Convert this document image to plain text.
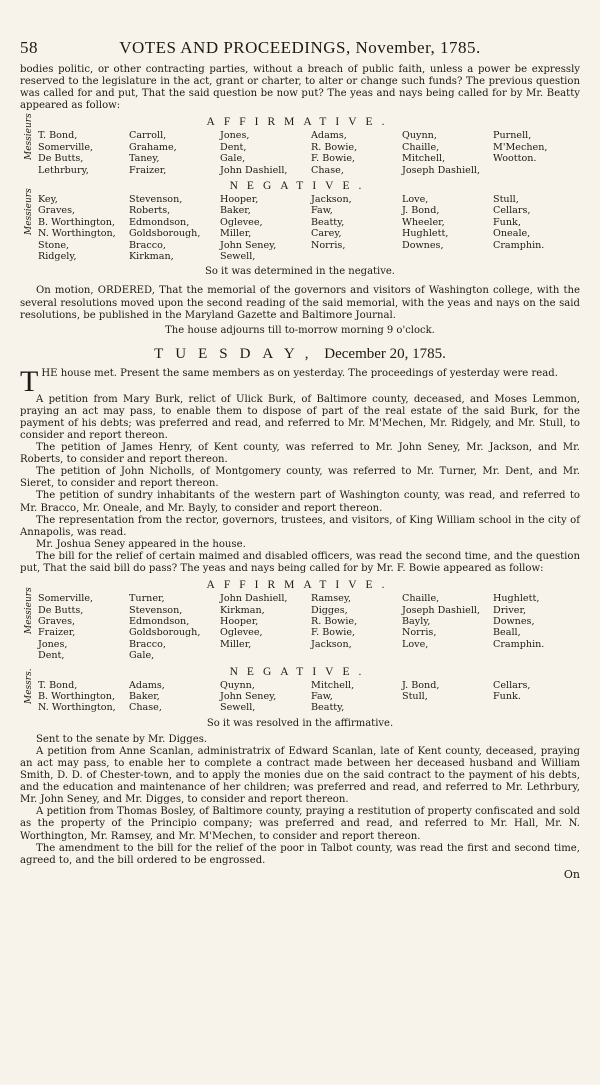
58	VOTES AND PROCEEDINGS, November, 1785.

bodies politic, or other contracting parties, without a breach of public faith, unless a power be expressly reserved to the legislature in the act, grant or charter, to alter or change such funds? The previous question was called for and put, That the said question be now put? The yeas and nays being called for by Mr. Beatty appeared as follow:

AFFIRMATIVE.
Messieurs T. Bond,
Somerville,
De Butts,
Lethrbury,
Carroll,
Grahame,
Taney,
Fraizer,
Jones,
Dent,
Gale,
John Dashiell,
Adams,
R. Bowie,
F. Bowie,
Chase,
Quynn,
Chaille,
Mitchell,
Joseph Dashiell,
Purnell,
M'Mechen,
Wootton.
NEGATIVE.
Messieurs Key,
Graves,
B. Worthington,
N. Worthington,
Stone,
Ridgely,
Stevenson,
Roberts,
Edmondson,
Goldsborough,
Bracco,
Kirkman,
Hooper,
Baker,
Oglevee,
Miller,
John Seney,
Sewell,
Jackson,
Faw,
Beatty,
Carey,
Norris,
Love,
J. Bond,
Wheeler,
Hughlett,
Downes,
Stull,
Cellars,
Funk,
Oneale,
Cramphin.
So it was determined in the negative.

On motion, ORDERED, That the memorial of the governors and visitors of Washington college, with the several resolutions moved upon the second reading of the said memorial, with the yeas and nays on the said resolutions, be published in the Maryland Gazette and Baltimore Journal.

The house adjourns till to-morrow morning 9 o'clock.
TUESDAY, December 20, 1785.

T HE house met. Present the same members as on yesterday. The proceedings of yesterday were read.

A petition from Mary Burk, relict of Ulick Burk, of Baltimore county, deceased, and Moses Lemmon, praying an act may pass, to enable them to dispose of part of the real estate of the said Burk, for the payment of his debts; was preferred and read, and referred to Mr. M'Mechen, Mr. Ridgely, and Mr. Stull, to consider and report thereon.

The petition of James Henry, of Kent county, was referred to Mr. John Seney, Mr. Jackson, and Mr. Roberts, to consider and report thereon.

The petition of John Nicholls, of Montgomery county, was referred to Mr. Turner, Mr. Dent, and Mr. Sieret, to consider and report thereon.

The petition of sundry inhabitants of the western part of Washington county, was read, and referred to Mr. Bracco, Mr. Oneale, and Mr. Bayly, to consider and report thereon.

The representation from the rector, governors, trustees, and visitors, of King William school in the city of Annapolis, was read.

Mr. Joshua Seney appeared in the house.

The bill for the relief of certain maimed and disabled officers, was read the second time, and the question put, That the said bill do pass? The yeas and nays being called for by Mr. F. Bowie appeared as follow:

AFFIRMATIVE.
Messieurs Somerville,
De Butts,
Graves,
Fraizer,
Jones,
Dent,
Turner,
Stevenson,
Edmondson,
Goldsborough,
Bracco,
Gale,
John Dashiell,
Kirkman,
Hooper,
Oglevee,
Miller,
Ramsey,
Digges,
R. Bowie,
F. Bowie,
Jackson,
Chaille,
Joseph Dashiell,
Bayly,
Norris,
Love,
Hughlett,
Driver,
Downes,
Beall,
Cramphin.
NEGATIVE.
Messrs. T. Bond,
B. Worthington,
N. Worthington,
Adams,
Baker,
Chase,
Quynn,
John Seney,
Sewell,
Mitchell,
Faw,
Beatty,
J. Bond,
Stull,
Cellars,
Funk.
So it was resolved in the affirmative.

Sent to the senate by Mr. Digges.

A petition from Anne Scanlan, administratrix of Edward Scanlan, late of Kent county, deceased, praying an act may pass, to enable her to complete a contract made between her deceased husband and William Smith, D. D. of Chester-town, and to apply the monies due on the said contract to the payment of his debts, and the education and maintenance of her children; was preferred and read, and referred to Mr. Lethrbury, Mr. John Seney, and Mr. Digges, to consider and report thereon.

A petition from Thomas Bosley, of Baltimore county, praying a restitution of property confiscated and sold as the property of the Principio company; was preferred and read, and referred to Mr. Hall, Mr. N. Worthington, Mr. Ramsey, and Mr. M'Mechen, to consider and report thereon.

The amendment to the bill for the relief of the poor in Talbot county, was read the first and second time, agreed to, and the bill ordered to be engrossed.

On
